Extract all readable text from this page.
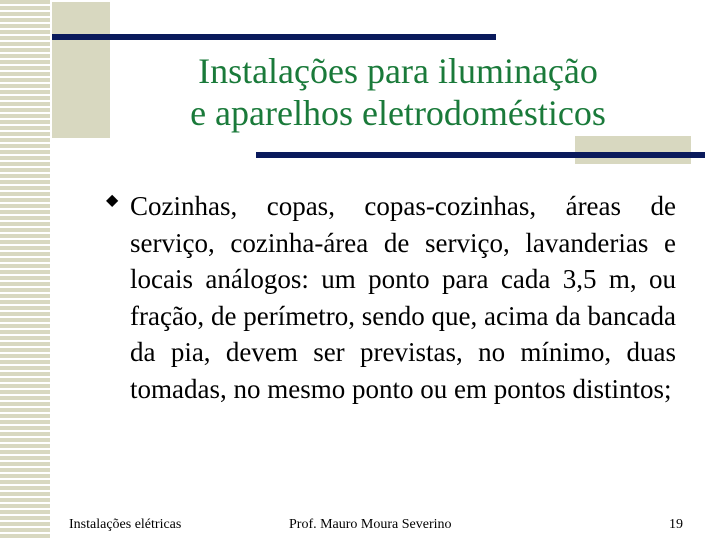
Instalações para iluminação
e aparelhos eletrodomésticos
◆ Cozinhas, copas, copas-cozinhas, áreas de serviço, cozinha-área de serviço, lavanderias e locais análogos: um ponto para cada 3,5 m, ou fração, de perímetro, sendo que, acima da bancada da pia, devem ser previstas, no mínimo, duas tomadas, no mesmo ponto ou em pontos distintos;

Instalações elétricas	Prof. Mauro Moura Severino	19
